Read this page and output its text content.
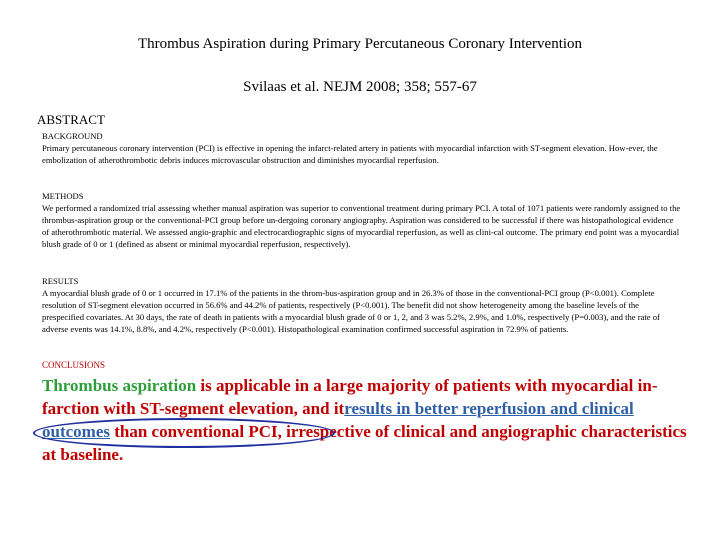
Thrombus Aspiration during Primary Percutaneous Coronary Intervention
Svilaas et al. NEJM 2008; 358; 557-67
ABSTRACT
BACKGROUND
Primary percutaneous coronary intervention (PCI) is effective in opening the infarct-related artery in patients with myocardial infarction with ST-segment elevation. How-ever, the embolization of atherothrombotic debris induces microvascular obstruction and diminishes myocardial reperfusion.
METHODS
We performed a randomized trial assessing whether manual aspiration was superior to conventional treatment during primary PCI. A total of 1071 patients were randomly assigned to the thrombus-aspiration group or the conventional-PCI group before un-dergoing coronary angiography. Aspiration was considered to be successful if there was histopathological evidence of atherothrombotic material. We assessed angio-graphic and electrocardiographic signs of myocardial reperfusion, as well as clini-cal outcome. The primary end point was a myocardial blush grade of 0 or 1 (defined as absent or minimal myocardial reperfusion, respectively).
RESULTS
A myocardial blush grade of 0 or 1 occurred in 17.1% of the patients in the throm-bus-aspiration group and in 26.3% of those in the conventional-PCI group (P<0.001). Complete resolution of ST-segment elevation occurred in 56.6% and 44.2% of patients, respectively (P<0.001). The benefit did not show heterogeneity among the baseline levels of the prespecified covariates. At 30 days, the rate of death in patients with a myocardial blush grade of 0 or 1, 2, and 3 was 5.2%, 2.9%, and 1.0%, respectively (P=0.003), and the rate of adverse events was 14.1%, 8.8%, and 4.2%, respectively (P<0.001). Histopathological examination confirmed successful aspiration in 72.9% of patients.
CONCLUSIONS
Thrombus aspiration is applicable in a large majority of patients with myocardial in-farction with ST-segment elevation, and itresults in better reperfusion and clinical outcomes than conventional PCI, irrespective of clinical and angiographic characteristics at baseline.
